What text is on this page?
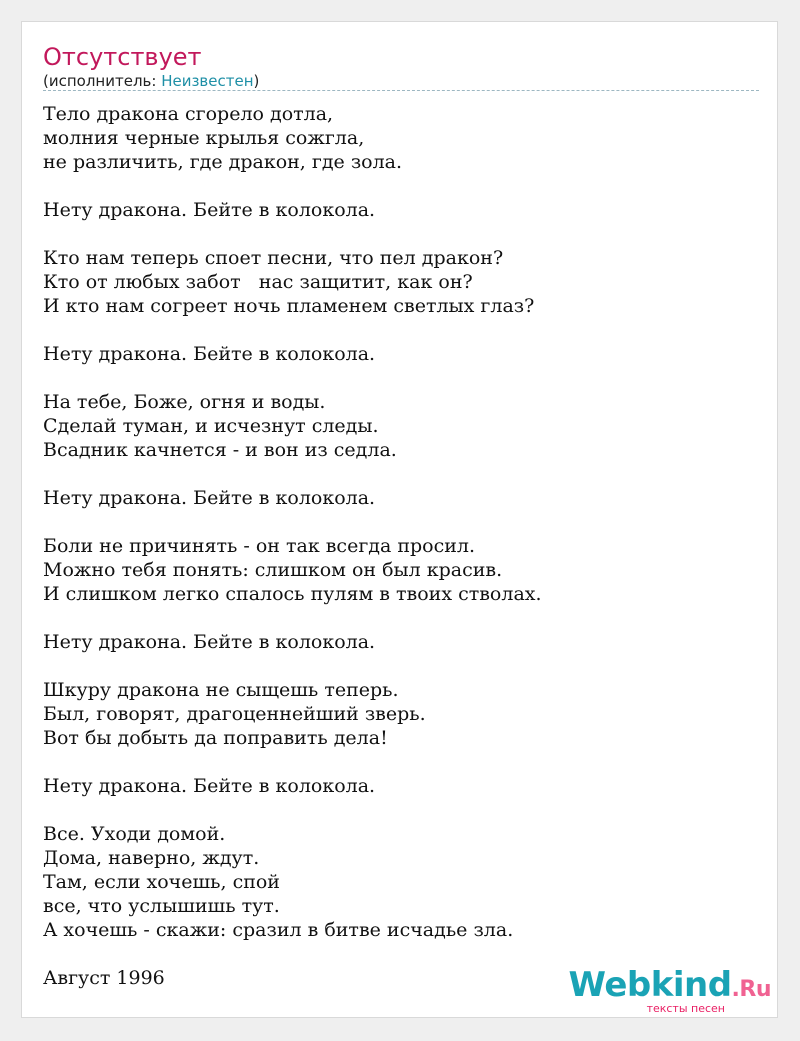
Отсутствует
(исполнитель: Неизвестен)
Тело дракона сгорело дотла,
молния черные крылья сожгла,
не различить, где дракон, где зола.

Нету дракона. Бейте в колокола.

Кто нам теперь споет песни, что пел дракон?
Кто от любых забот   нас защитит, как он?
И кто нам согреет ночь пламенем светлых глаз?

Нету дракона. Бейте в колокола.

На тебе, Боже, огня и воды.
Сделай туман, и исчезнут следы.
Всадник качнется - и вон из седла.

Нету дракона. Бейте в колокола.

Боли не причинять - он так всегда просил.
Можно тебя понять: слишком он был красив.
И слишком легко спалось пулям в твоих стволах.

Нету дракона. Бейте в колокола.

Шкуру дракона не сыщешь теперь.
Был, говорят, драгоценнейший зверь.
Вот бы добыть да поправить дела!

Нету дракона. Бейте в колокола.

Все. Уходи домой.
Дома, наверно, ждут.
Там, если хочешь, спой
все, что услышишь тут.
А хочешь - скажи: сразил в битве исчадье зла.
Август 1996	Webkind.Ru
тексты песен
